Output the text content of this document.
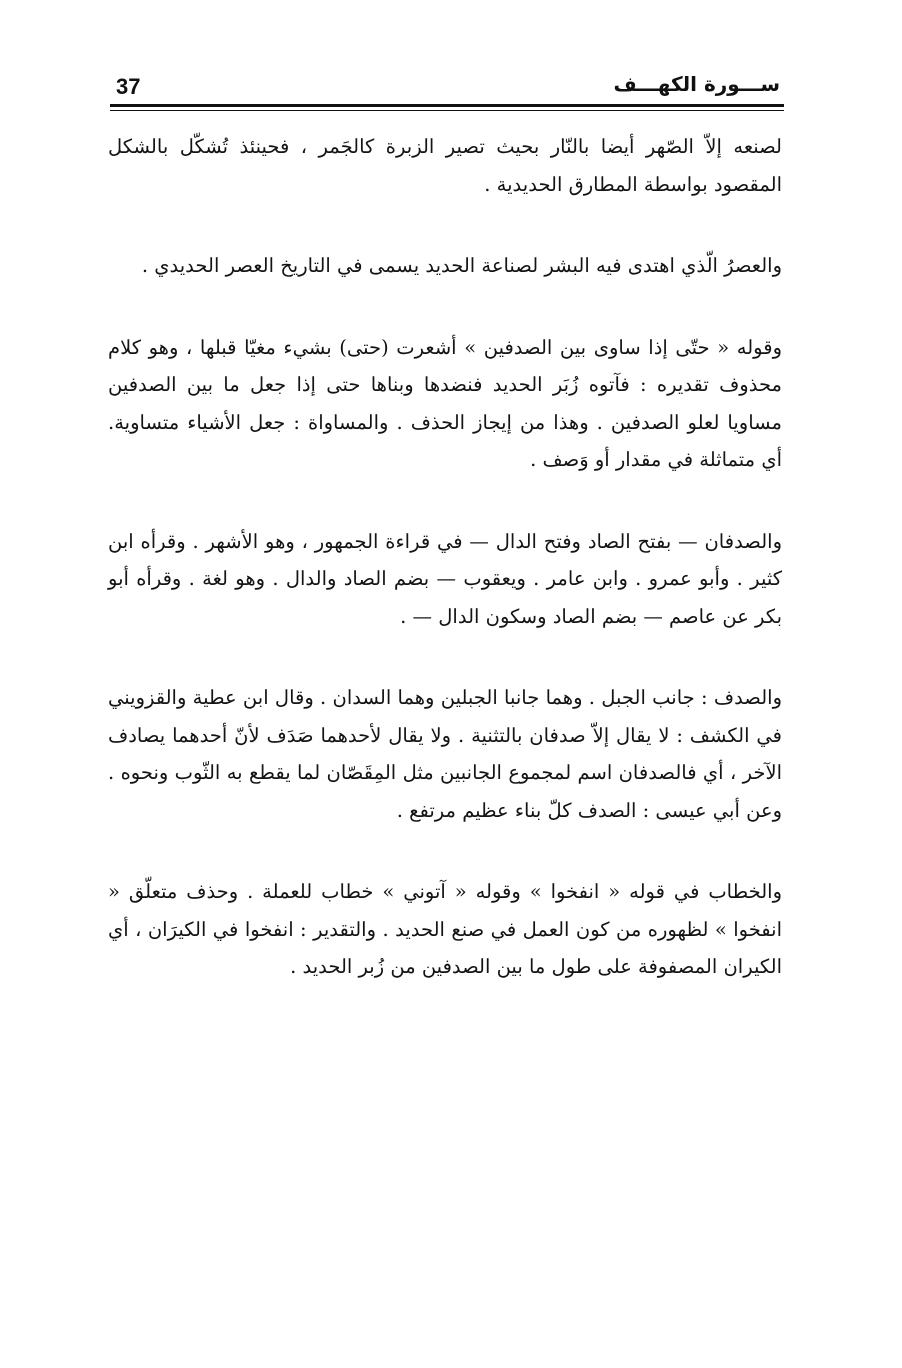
37	ســـورة الكهـــف

لصنعه إلاّ الصّهر أيضا بالنّار بحيث تصير الزبرة كالجَمر ، فحينئذ تُشكّل بالشكل المقصود بواسطة المطارق الحديدية .

والعصرُ الّذي اهتدى فيه البشر لصناعة الحديد يسمى في التاريخ العصر الحديدي .

وقوله « حتّى إذا ساوى بين الصدفين » أشعرت (حتى) بشيء مغيّا قبلها ، وهو كلام محذوف تقديره : فآتوه زُبَر الحديد فنضدها وبناها حتى إذا جعل ما بين الصدفين مساويا لعلو الصدفين . وهذا من إيجاز الحذف . والمساواة : جعل الأشياء متساوية. أي متماثلة في مقدار أو وَصف .

والصدفان — بفتح الصاد وفتح الدال — في قراءة الجمهور ، وهو الأشهر . وقرأه ابن كثير . وأبو عمرو . وابن عامر . ويعقوب — بضم الصاد والدال . وهو لغة . وقرأه أبو بكر عن عاصم — بضم الصاد وسكون الدال — .

والصدف : جانب الجبل . وهما جانبا الجبلين وهما السدان . وقال ابن عطية والقزويني في الكشف : لا يقال إلاّ صدفان بالتثنية . ولا يقال لأحدهما صَدَف لأنّ أحدهما يصادف الآخر ، أي فالصدفان اسم لمجموع الجانبين مثل المِقَصّان لما يقطع به الثّوب ونحوه . وعن أبي عيسى : الصدف كلّ بناء عظيم مرتفع .

والخطاب في قوله « انفخوا » وقوله « آتوني » خطاب للعملة . وحذف متعلّق « انفخوا » لظهوره من كون العمل في صنع الحديد . والتقدير : انفخوا في الكيرَان ، أي الكيران المصفوفة على طول ما بين الصدفين من زُبر الحديد .
